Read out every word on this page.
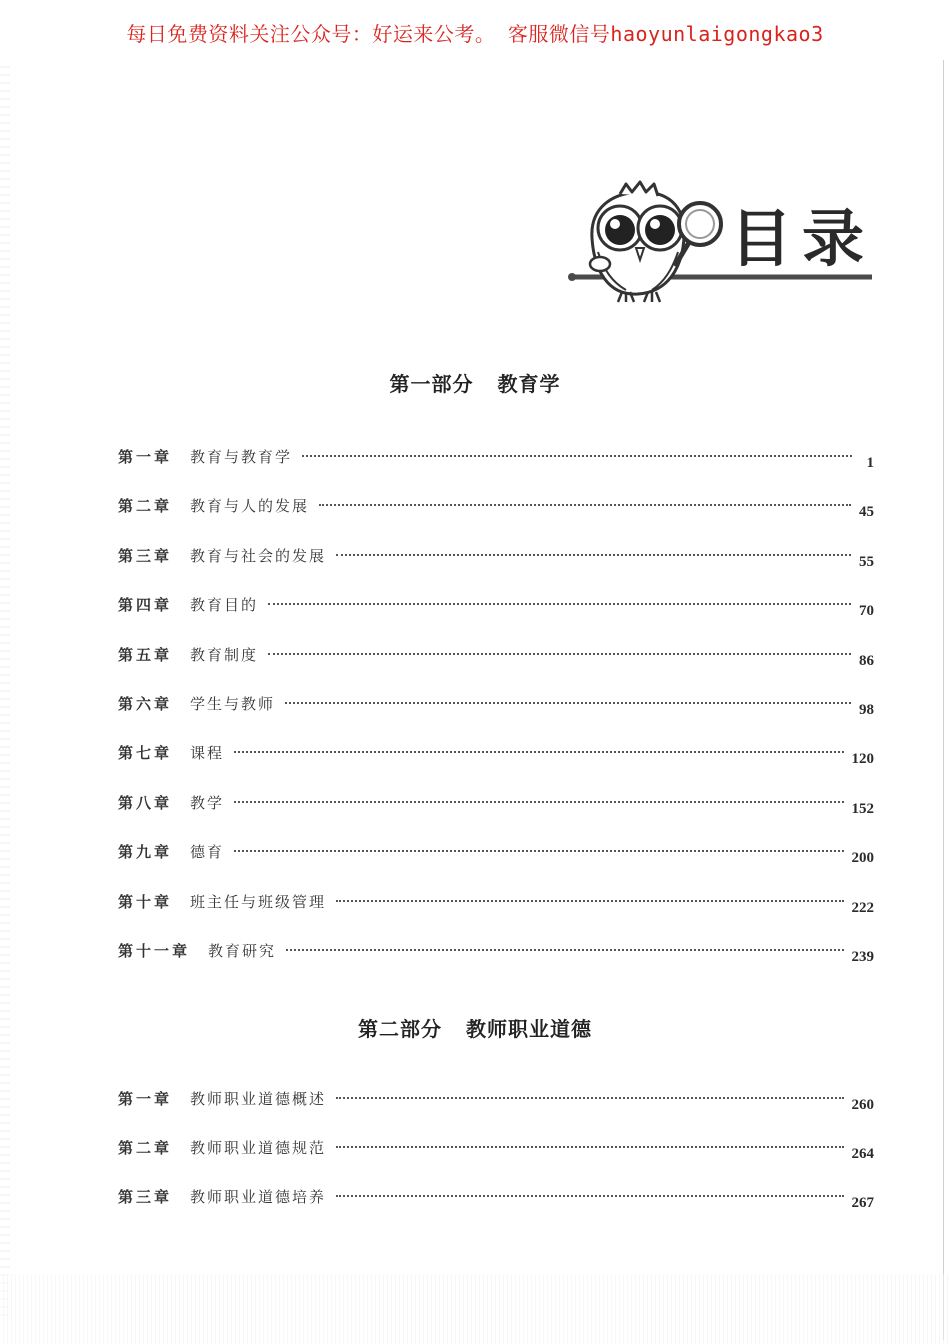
每日免费资料关注公众号：好运来公考。 客服微信号haoyunlaigongkao3
目录
第一部分 教育学
第一章 教育与教育学	1
第二章 教育与人的发展	45
第三章 教育与社会的发展	55
第四章 教育目的	70
第五章 教育制度	86
第六章 学生与教师	98
第七章 课程	120
第八章 教学	152
第九章 德育	200
第十章 班主任与班级管理	222
第十一章 教育研究	239
第二部分 教师职业道德
第一章 教师职业道德概述	260
第二章 教师职业道德规范	264
第三章 教师职业道德培养	267
